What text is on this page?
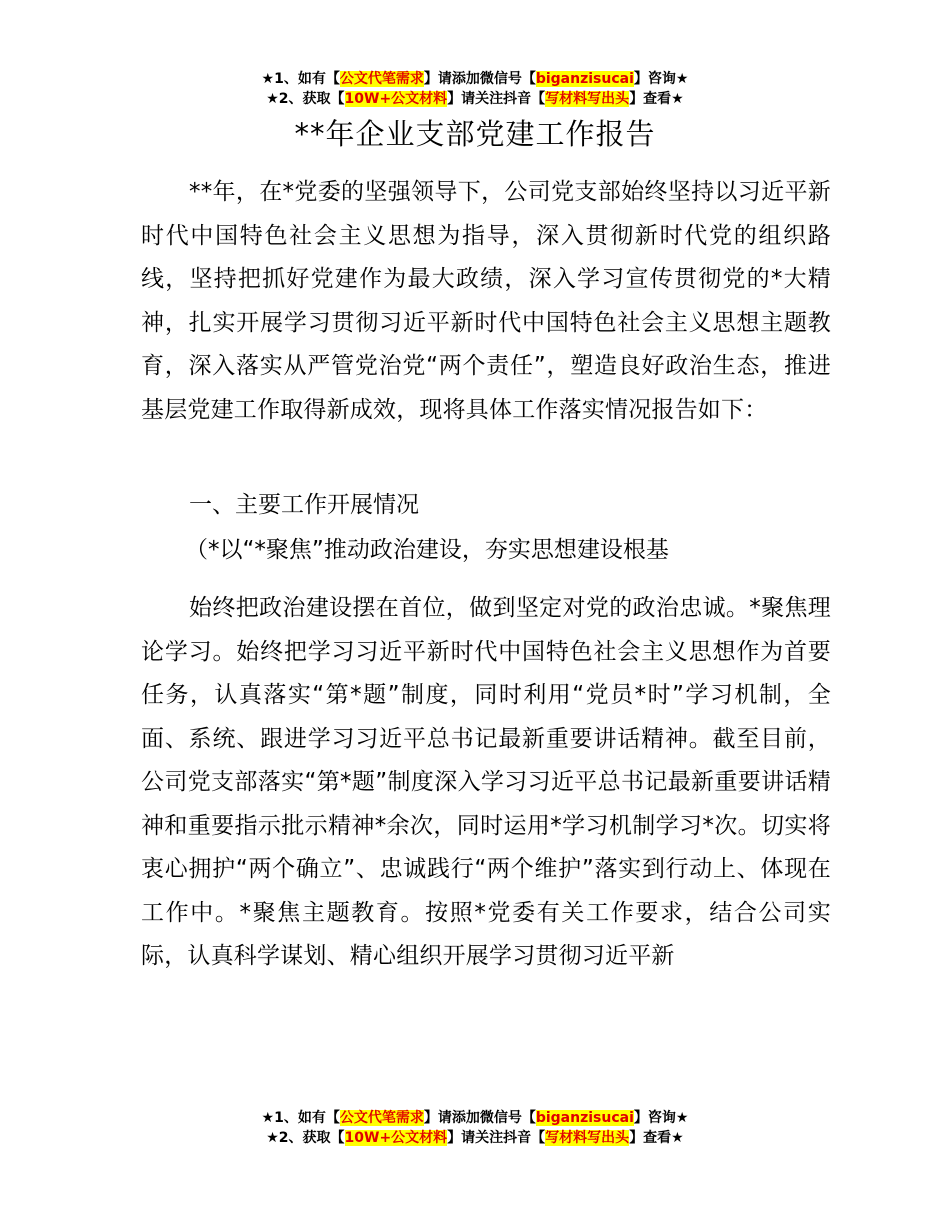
★1、如有【公文代笔需求】请添加微信号【biganzisucai】咨询★
★2、获取【10W+公文材料】请关注抖音【写材料写出头】查看★
**年企业支部党建工作报告

**年，在*党委的坚强领导下，公司党支部始终坚持以习近平新时代中国特色社会主义思想为指导，深入贯彻新时代党的组织路线，坚持把抓好党建作为最大政绩，深入学习宣传贯彻党的*大精神，扎实开展学习贯彻习近平新时代中国特色社会主义思想主题教育，深入落实从严管党治党“两个责任”，塑造良好政治生态，推进基层党建工作取得新成效，现将具体工作落实情况报告如下：

一、主要工作开展情况
（*以“*聚焦”推动政治建设，夯实思想建设根基

始终把政治建设摆在首位，做到坚定对党的政治忠诚。*聚焦理论学习。始终把学习习近平新时代中国特色社会主义思想作为首要任务，认真落实“第*题”制度，同时利用“党员*时”学习机制，全面、系统、跟进学习习近平总书记最新重要讲话精神。截至目前，公司党支部落实“第*题”制度深入学习习近平总书记最新重要讲话精神和重要指示批示精神*余次，同时运用*学习机制学习*次。切实将衷心拥护“两个确立”、忠诚践行“两个维护”落实到行动上、体现在工作中。*聚焦主题教育。按照*党委有关工作要求，结合公司实际，认真科学谋划、精心组织开展学习贯彻习近平新

★1、如有【公文代笔需求】请添加微信号【biganzisucai】咨询★
★2、获取【10W+公文材料】请关注抖音【写材料写出头】查看★
